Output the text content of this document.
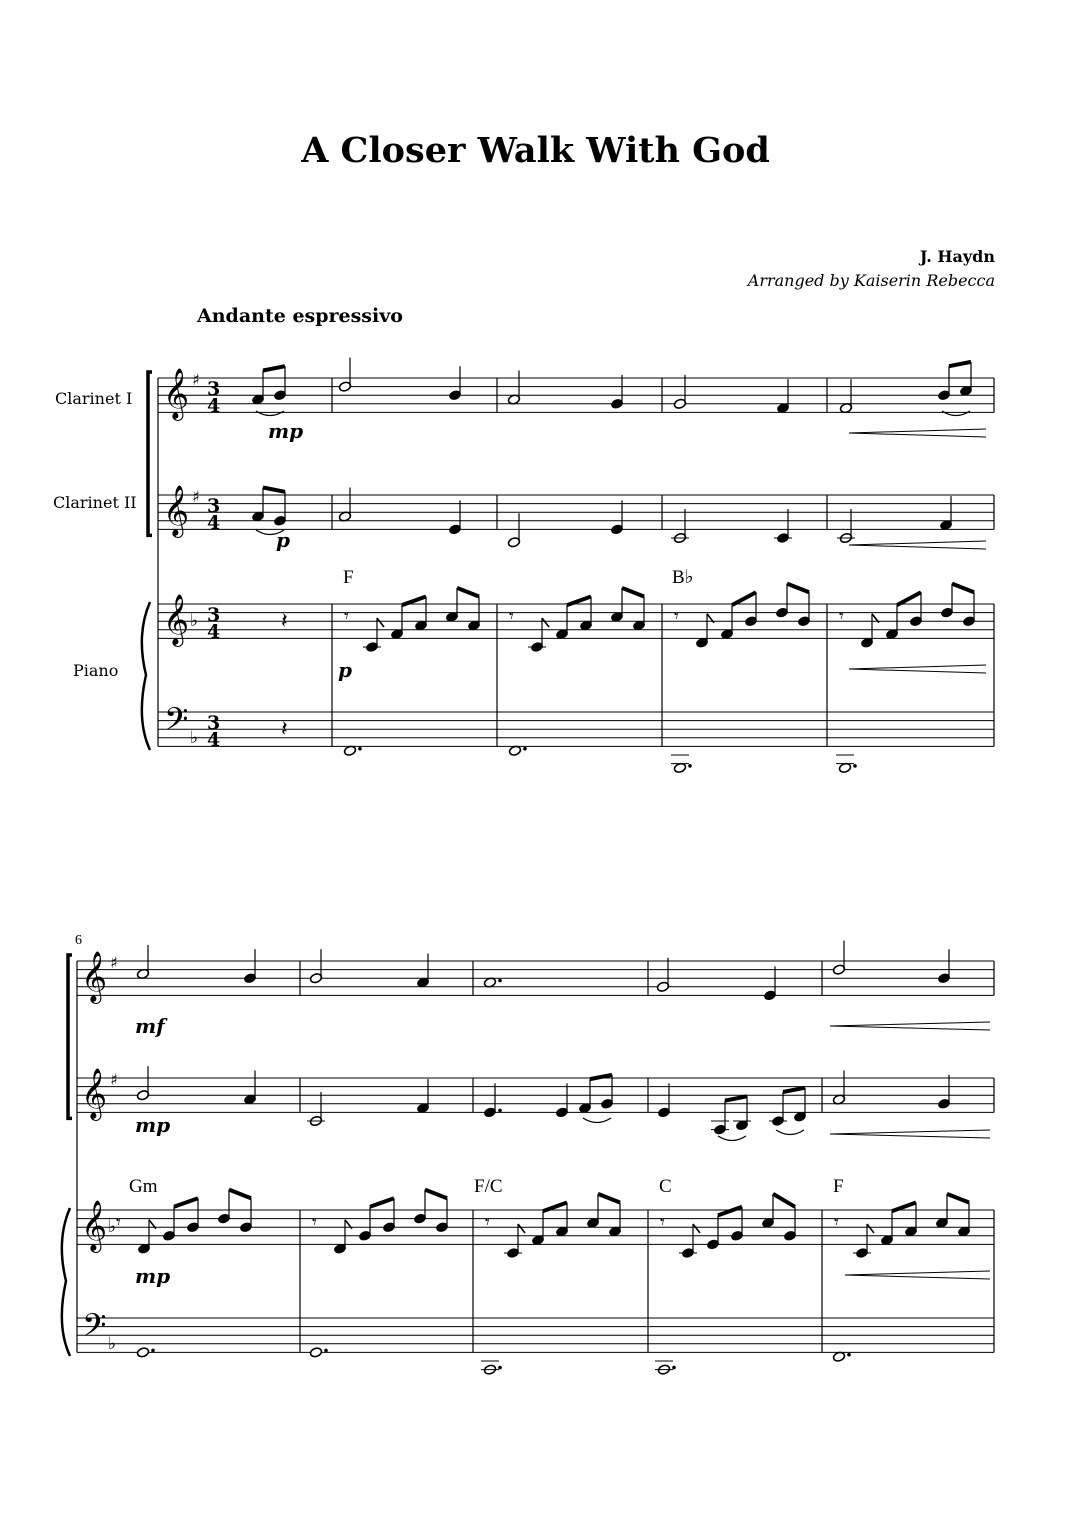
A Closer Walk With God
J. Haydn
Arranged by Kaiserin Rebecca
Andante espressivo
Clarinet I
Clarinet II
Piano
𝄞 ♯ 3
4
𝄞 ♯ 3
4
𝄞 ♭ 3
4
𝄢 ♭
3
4
𝄽	𝄾	𝄾	𝄾	𝄾
𝄽
mp
p
p
F	B♭
6
𝄞 ♯
𝄞 ♯
𝄞 ♭
𝄢 ♭
𝄾	𝄾	𝄾	𝄾	𝄾
mf
mp
mp
Gm	F/C	C	F
